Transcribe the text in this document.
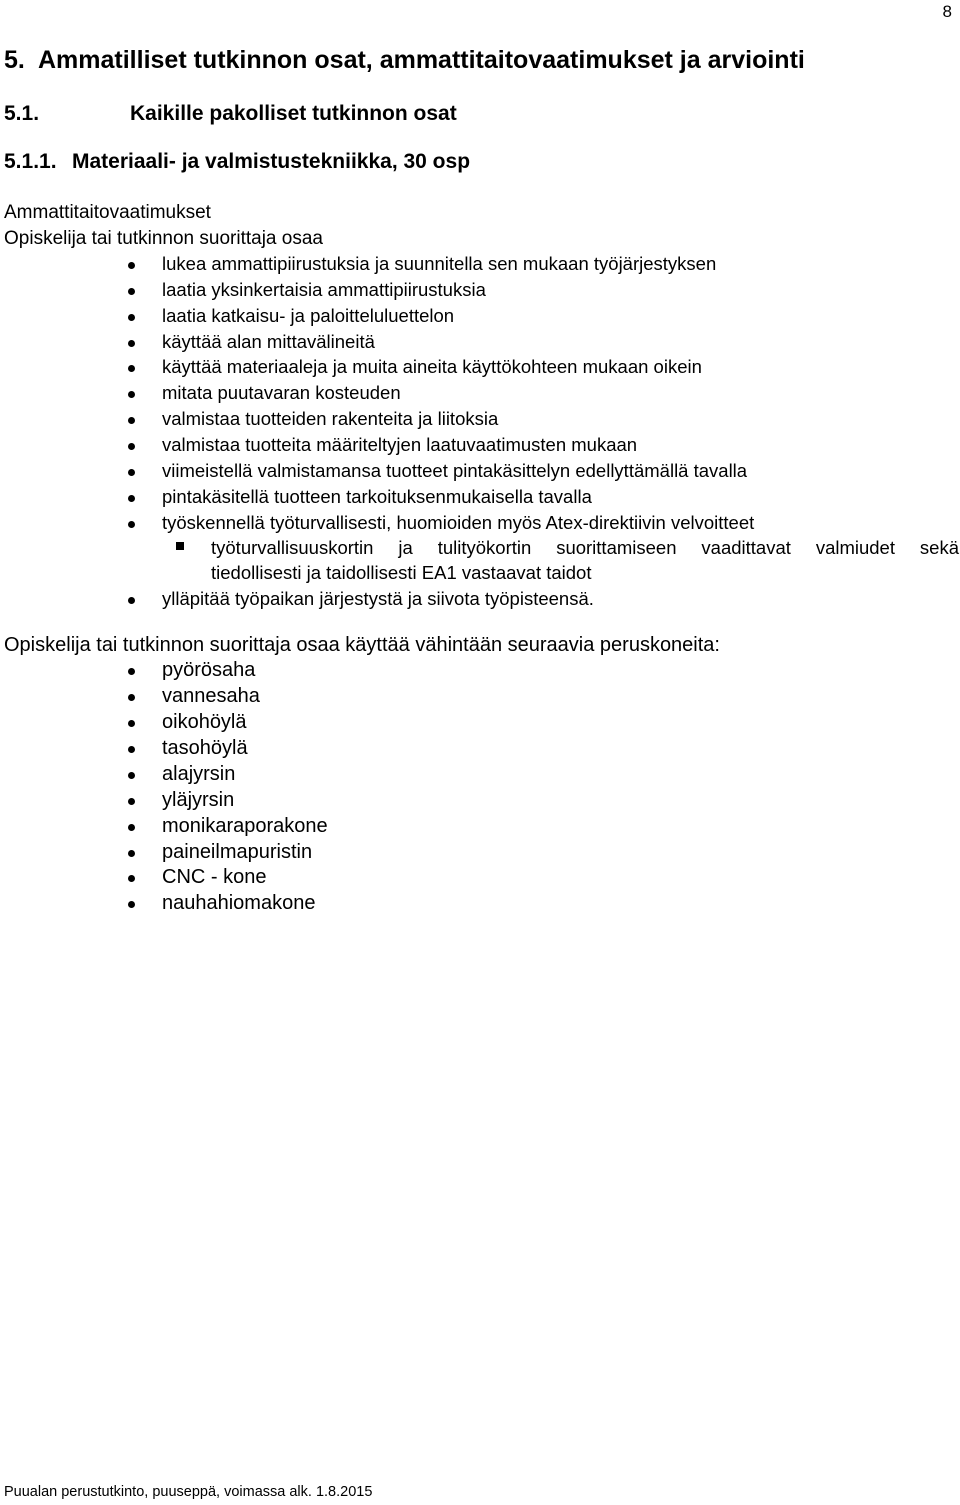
8
5. Ammatilliset tutkinnon osat, ammattitaitovaatimukset ja arviointi
5.1.	Kaikille pakolliset tutkinnon osat
5.1.1. Materiaali- ja valmistustekniikka, 30 osp
Ammattitaitovaatimukset
Opiskelija tai tutkinnon suorittaja osaa
lukea ammattipiirustuksia ja suunnitella sen mukaan työjärjestyksen
laatia yksinkertaisia ammattipiirustuksia
laatia katkaisu- ja paloitteluluettelon
käyttää alan mittavälineitä
käyttää materiaaleja ja muita aineita käyttökohteen mukaan oikein
mitata puutavaran kosteuden
valmistaa tuotteiden rakenteita ja liitoksia
valmistaa tuotteita määriteltyjen laatuvaatimusten mukaan
viimeistellä valmistamansa tuotteet pintakäsittelyn edellyttämällä tavalla
pintakäsitellä tuotteen tarkoituksenmukaisella tavalla
työskennellä työturvallisesti, huomioiden myös Atex-direktiivin velvoitteet
työturvallisuuskortin ja tulityökortin suorittamiseen vaadittavat valmiudet sekä
tiedollisesti ja taidollisesti EA1 vastaavat taidot
ylläpitää työpaikan järjestystä ja siivota työpisteensä.
Opiskelija tai tutkinnon suorittaja osaa käyttää vähintään seuraavia peruskoneita:
pyörösaha
vannesaha
oikohöylä
tasohöylä
alajyrsin
yläjyrsin
monikaraporakone
paineilmapuristin
CNC - kone
nauhahiomakone
Puualan perustutkinto, puuseppä, voimassa alk. 1.8.2015
